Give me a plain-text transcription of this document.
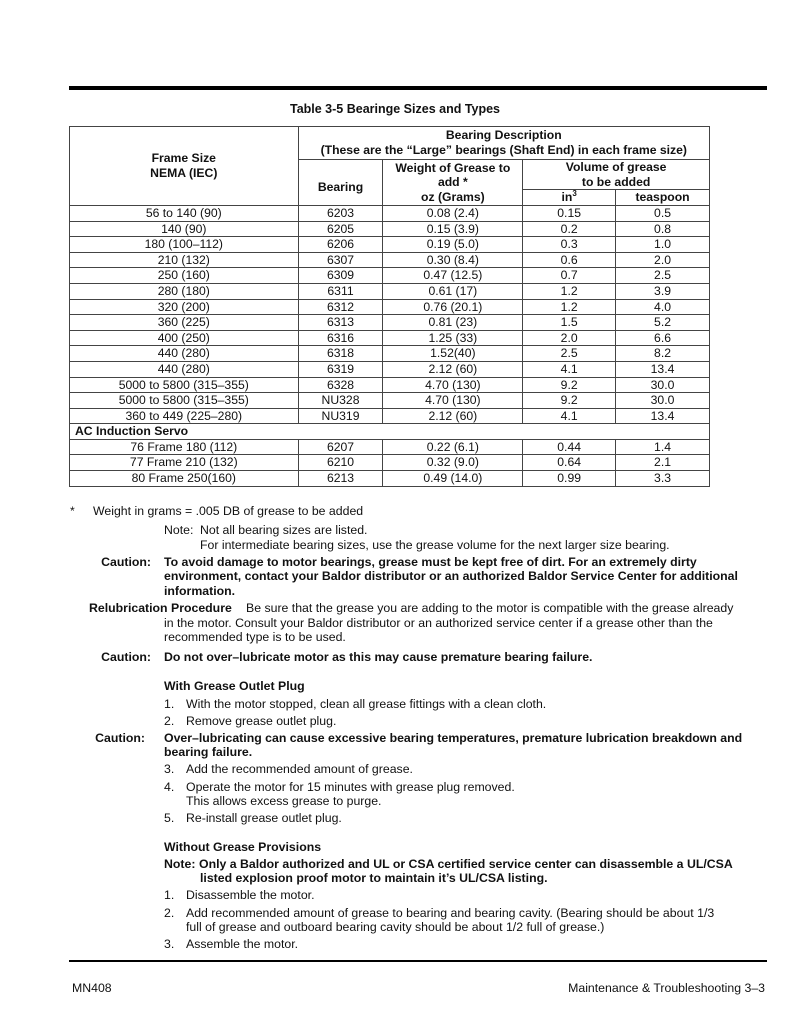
Table 3-5 Bearinge Sizes and Types
Frame Size
NEMA (IEC)

Bearing Description
(These are the “Large” bearings (Shaft End) in each frame size)

Bearing	
Weight of Grease to
add *
oz (Grams)

Volume of grease
to be added

			$in^3$	teaspoon
56 to 140 (90)	6203	0.08 (2.4)	0.15	0.5
140 (90)	6205	0.15 (3.9)	0.2	0.8
180 (100–112)	6206	0.19 (5.0)	0.3	1.0
210 (132)	6307	0.30 (8.4)	0.6	2.0
250 (160)	6309	0.47 (12.5)	0.7	2.5
280 (180)	6311	0.61 (17)	1.2	3.9
320 (200)	6312	0.76 (20.1)	1.2	4.0
360 (225)	6313	0.81 (23)	1.5	5.2
400 (250)	6316	1.25 (33)	2.0	6.6
440 (280)	6318	1.52(40)	2.5	8.2
440 (280)	6319	2.12 (60)	4.1	13.4
5000 to 5800 (315–355)	6328	4.70 (130)	9.2	30.0
5000 to 5800 (315–355)	NU328	4.70 (130)	9.2	30.0
360 to 449 (225–280)	NU319	2.12 (60)	4.1	13.4
AC Induction Servo				
76 Frame 180 (112)	6207	0.22 (6.1)	0.44	1.4
77 Frame 210 (132)	6210	0.32 (9.0)	0.64	2.1
80 Frame 250(160)	6213	0.49 (14.0)	0.99	3.3
* Weight in grams = .005 DB of grease to be added
Note: Not all bearing sizes are listed.
For intermediate bearing sizes, use the grease volume for the next larger size bearing.
Caution: To avoid damage to motor bearings, grease must be kept free of dirt. For an extremely dirty environment, contact your Baldor distributor or an authorized Baldor Service Center for additional information.
Relubrication Procedure Be sure that the grease you are adding to the motor is compatible with the grease already
in the motor. Consult your Baldor distributor or an authorized service center if a grease other than the recommended type is to be used.
Caution: Do not over–lubricate motor as this may cause premature bearing failure.
With Grease Outlet Plug
1. With the motor stopped, clean all grease fittings with a clean cloth.
2. Remove grease outlet plug.
Caution: Over–lubricating can cause excessive bearing temperatures, premature lubrication breakdown and bearing failure.
3. Add the recommended amount of grease.
4. Operate the motor for 15 minutes with grease plug removed.
This allows excess grease to purge.
5. Re-install grease outlet plug.
Without Grease Provisions
Note: Only a Baldor authorized and UL or CSA certified service center can disassemble a UL/CSA
listed explosion proof motor to maintain it’s UL/CSA listing.
1. Disassemble the motor.
2. Add recommended amount of grease to bearing and bearing cavity. (Bearing should be about 1/3
full of grease and outboard bearing cavity should be about 1/2 full of grease.)
3. Assemble the motor.
MN408	Maintenance & Troubleshooting 3–3
